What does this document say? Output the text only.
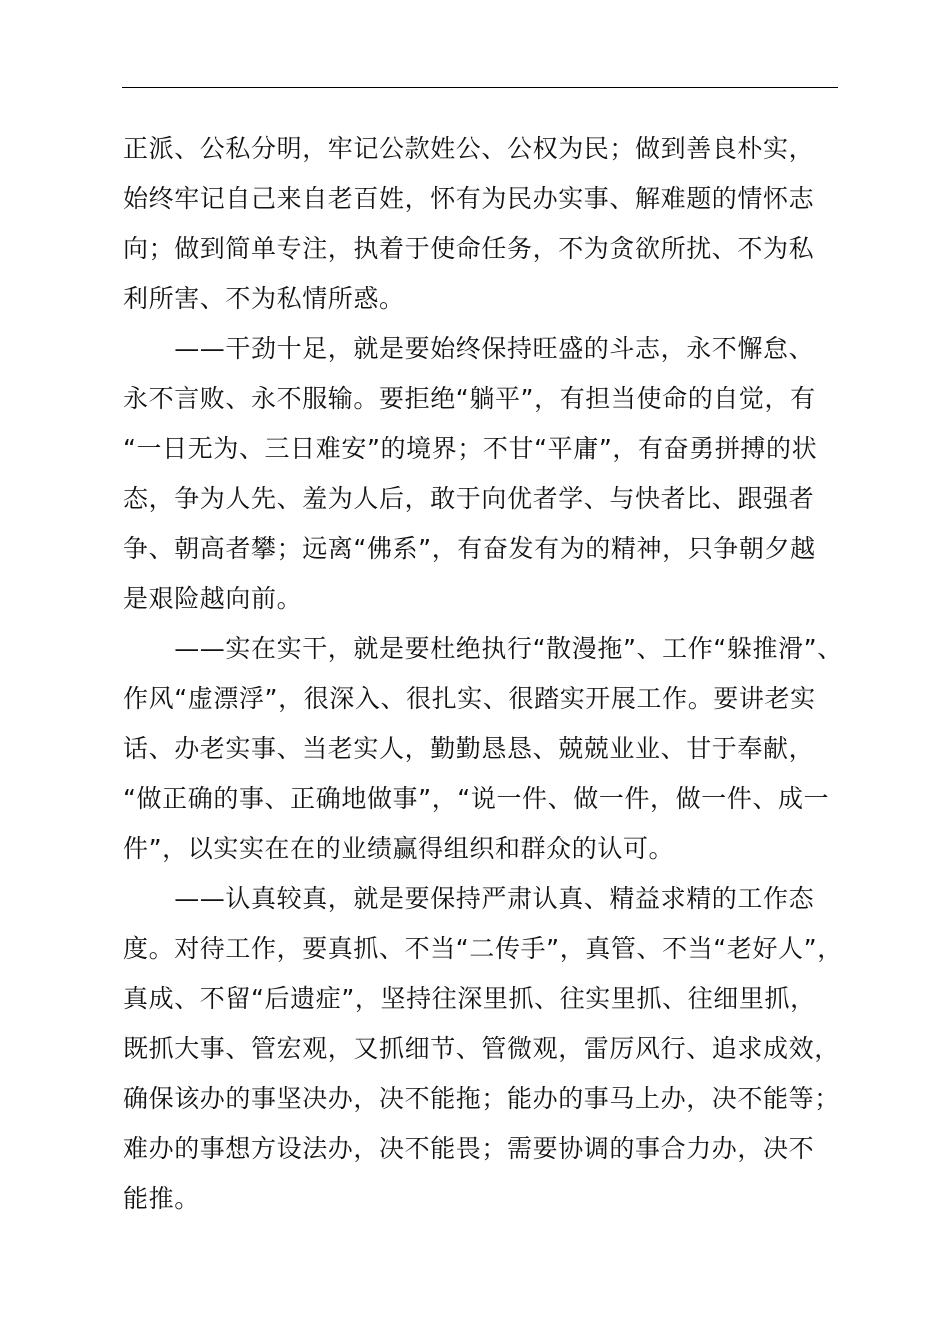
正派、公私分明，牢记公款姓公、公权为民；做到善良朴实，
始终牢记自己来自老百姓，怀有为民办实事、解难题的情怀志
向；做到简单专注，执着于使命任务，不为贪欲所扰、不为私
利所害、不为私情所惑。
　　——干劲十足，就是要始终保持旺盛的斗志，永不懈怠、
永不言败、永不服输。要拒绝“躺平”，有担当使命的自觉，有
“一日无为、三日难安”的境界；不甘“平庸”，有奋勇拼搏的状
态，争为人先、羞为人后，敢于向优者学、与快者比、跟强者
争、朝高者攀；远离“佛系”，有奋发有为的精神，只争朝夕越
是艰险越向前。
　　——实在实干，就是要杜绝执行“散漫拖”、工作“躲推滑”、
作风“虚漂浮”，很深入、很扎实、很踏实开展工作。要讲老实
话、办老实事、当老实人，勤勤恳恳、兢兢业业、甘于奉献，
“做正确的事、正确地做事”，“说一件、做一件，做一件、成一
件”，以实实在在的业绩赢得组织和群众的认可。
　　——认真较真，就是要保持严肃认真、精益求精的工作态
度。对待工作，要真抓、不当“二传手”，真管、不当“老好人”，
真成、不留“后遗症”，坚持往深里抓、往实里抓、往细里抓，
既抓大事、管宏观，又抓细节、管微观，雷厉风行、追求成效，
确保该办的事坚决办，决不能拖；能办的事马上办，决不能等；
难办的事想方设法办，决不能畏；需要协调的事合力办，决不
能推。
